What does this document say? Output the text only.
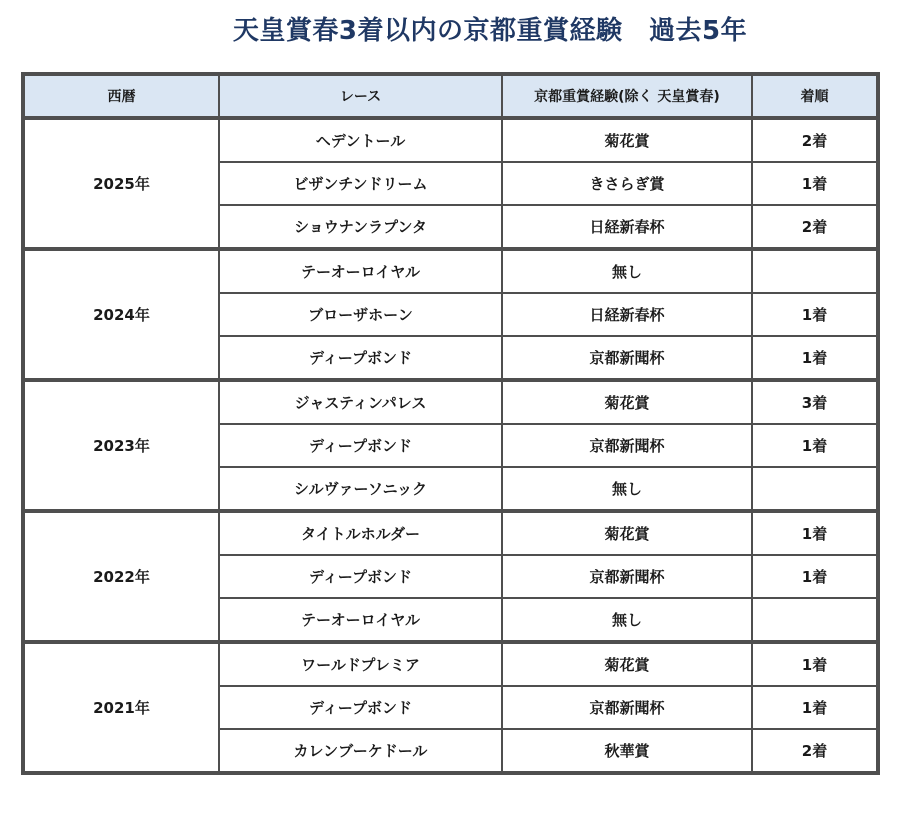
天皇賞春3着以内の京都重賞経験　過去5年
西暦	レース	京都重賞経験(除く 天皇賞春)	着順
2025年	ヘデントール	菊花賞	2着
	ビザンチンドリーム	きさらぎ賞	1着
	ショウナンラプンタ	日経新春杯	2着
2024年	テーオーロイヤル	無し	
	ブローザホーン	日経新春杯	1着
	ディープボンド	京都新聞杯	1着
2023年	ジャスティンパレス	菊花賞	3着
	ディープボンド	京都新聞杯	1着
	シルヴァーソニック	無し	
2022年	タイトルホルダー	菊花賞	1着
	ディープボンド	京都新聞杯	1着
	テーオーロイヤル	無し	
2021年	ワールドプレミア	菊花賞	1着
	ディープボンド	京都新聞杯	1着
	カレンブーケドール	秋華賞	2着
